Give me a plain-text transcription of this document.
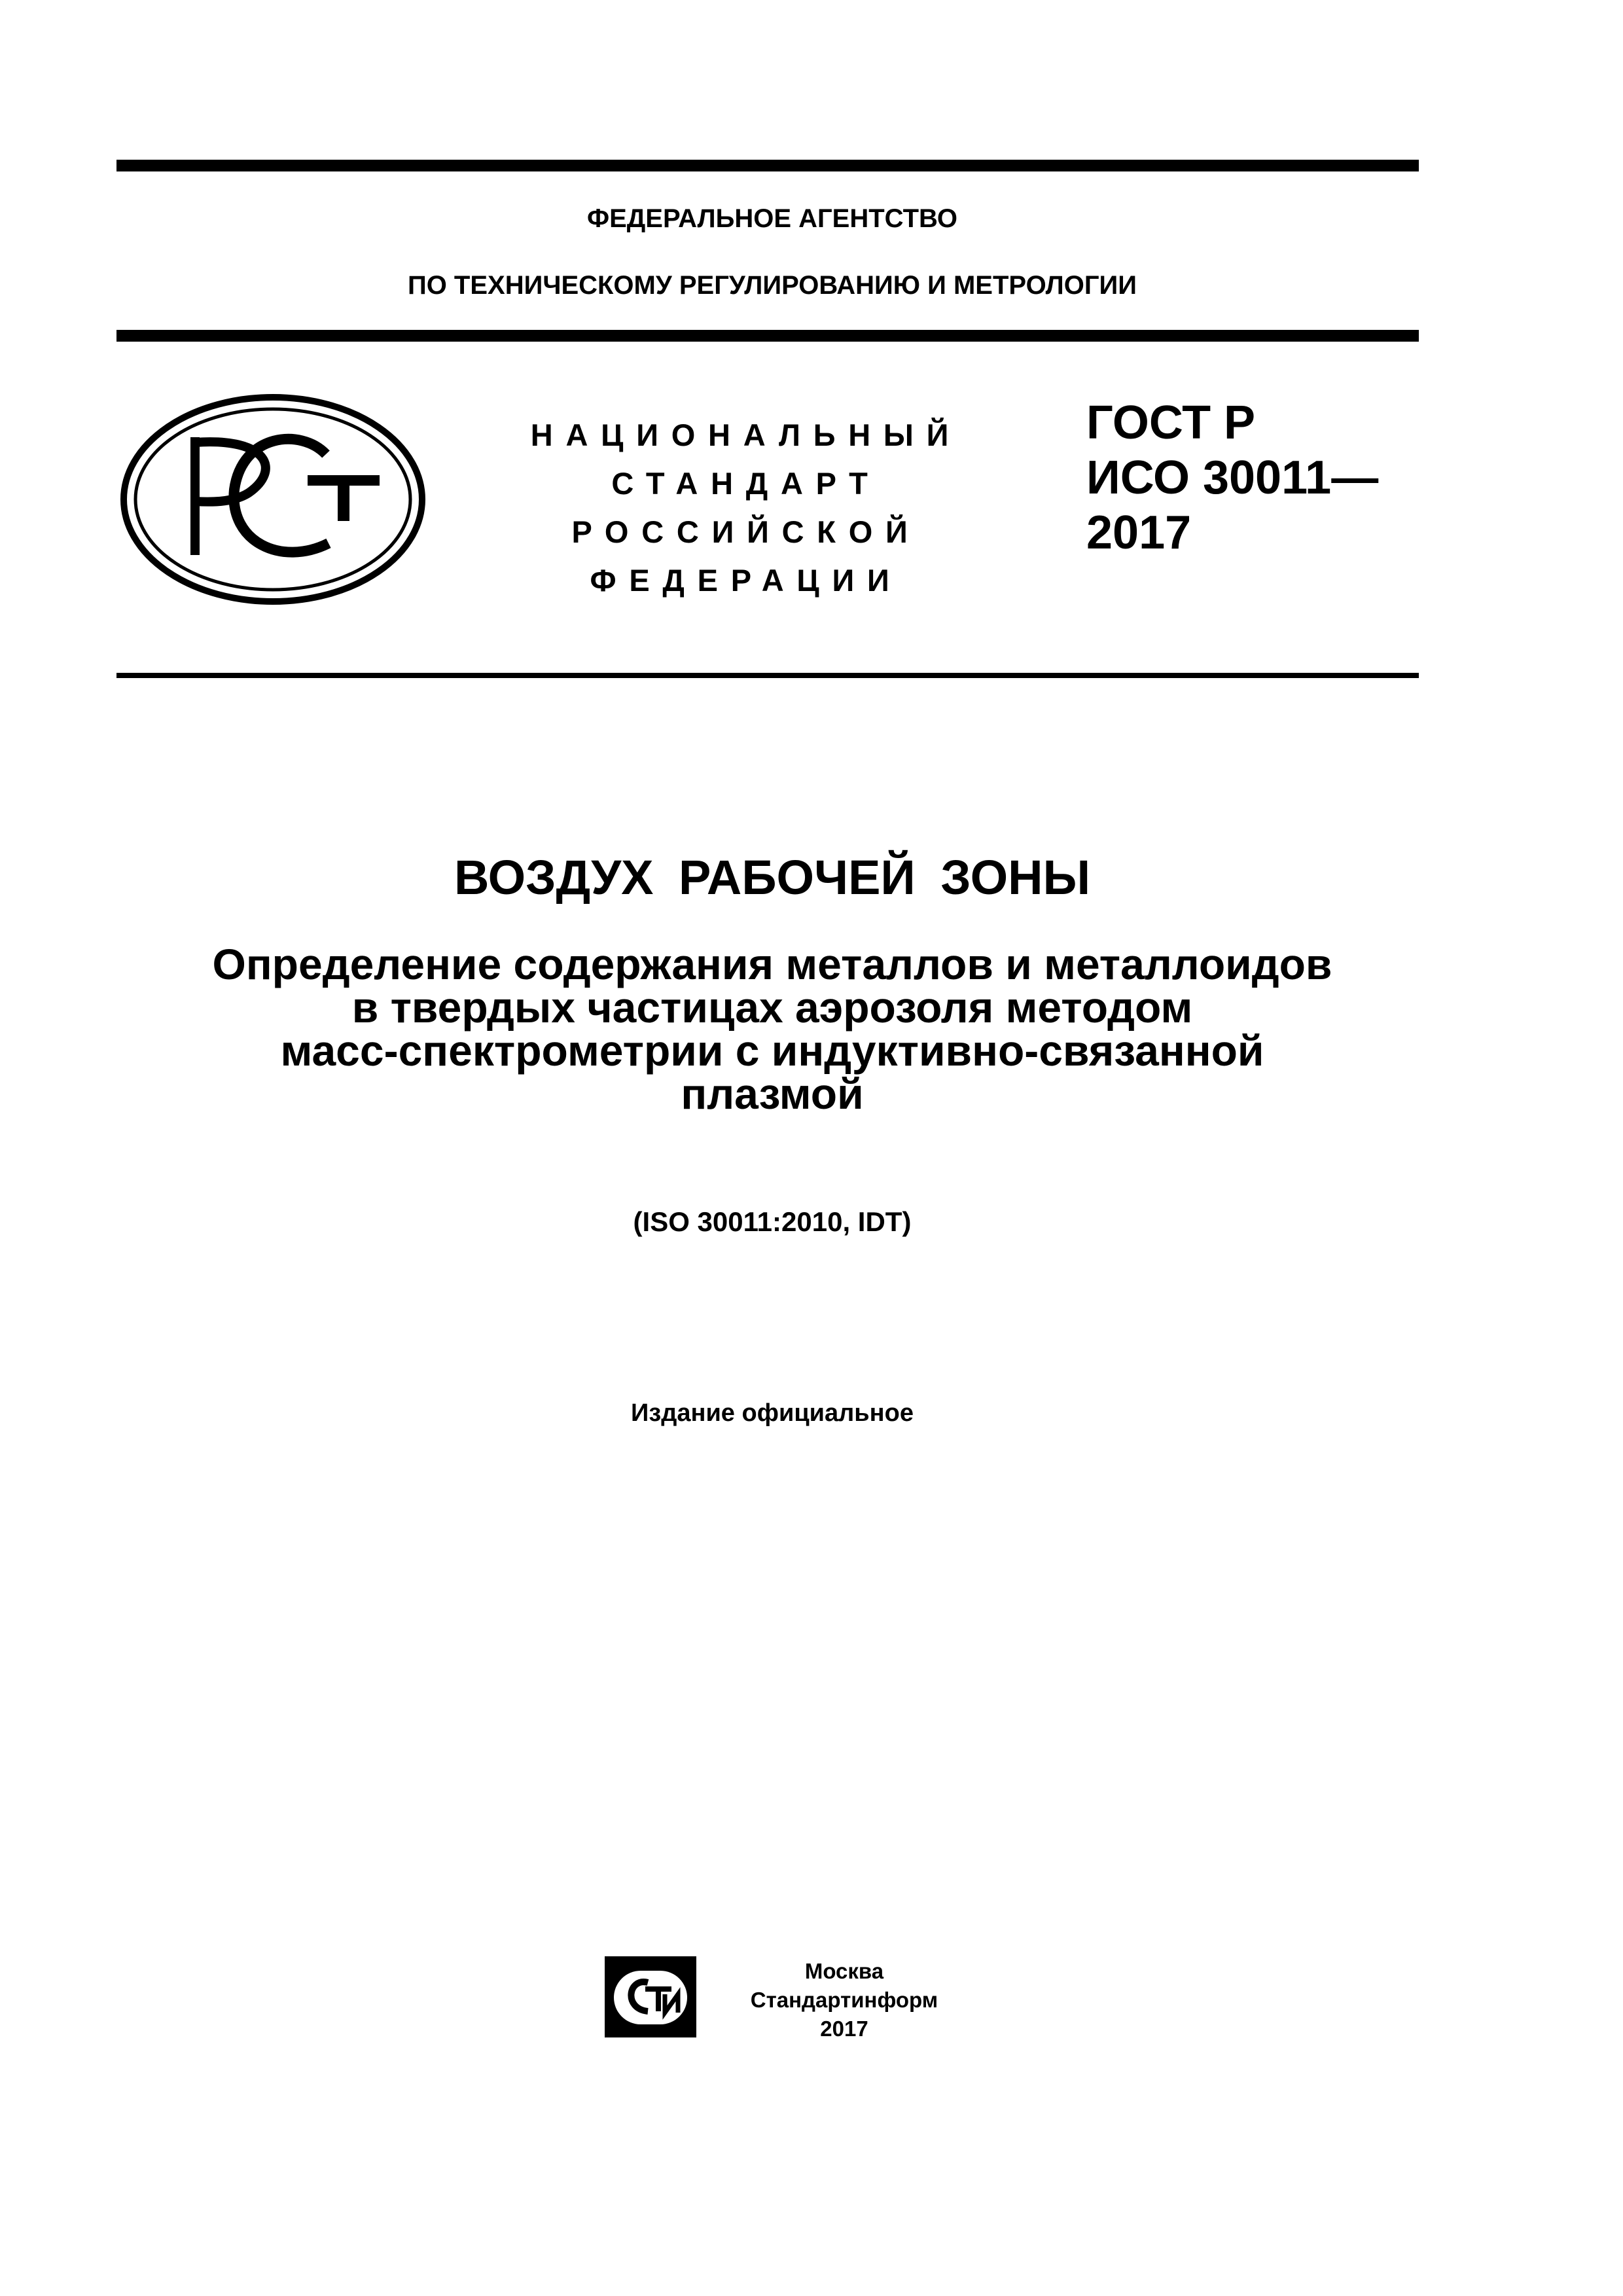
ФЕДЕРАЛЬНОЕ АГЕНТСТВО
ПО ТЕХНИЧЕСКОМУ РЕГУЛИРОВАНИЮ И МЕТРОЛОГИИ
НАЦИОНАЛЬНЫЙ
СТАНДАРТ
РОССИЙСКОЙ
ФЕДЕРАЦИИ
ГОСТ Р
ИСО 30011—
2017
ВОЗДУХ РАБОЧЕЙ ЗОНЫ
Определение содержания металлов и металлоидов
в твердых частицах аэрозоля методом
масс-спектрометрии с индуктивно-связанной
плазмой
(ISO 30011:2010, IDT)
Издание официальное
Москва
Стандартинформ
2017
